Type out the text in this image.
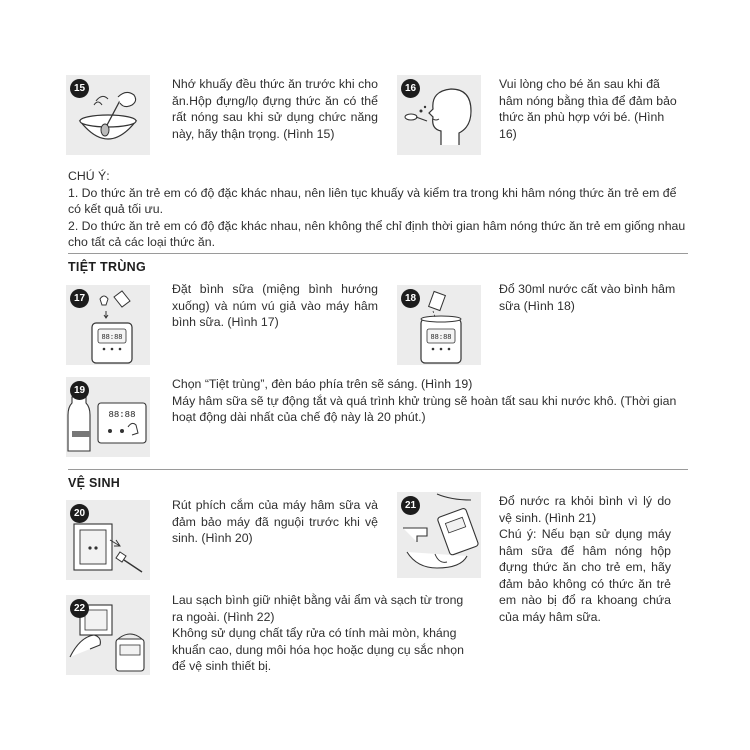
15	Nhớ khuấy đều thức ăn trước khi cho ăn.Hộp đựng/lọ đựng thức ăn có thể rất nóng sau khi sử dụng chức năng này, hãy thận trọng. (Hình 15)
16	Vui lòng cho bé ăn sau khi đã hâm nóng bằng thìa để đảm bảo thức ăn phù hợp với bé. (Hình 16)

CHÚ Ý:

1. Do thức ăn trẻ em có độ đặc khác nhau, nên liên tục khuấy và kiểm tra trong khi hâm nóng thức ăn trẻ em để có kết quả tối ưu.

2. Do thức ăn trẻ em có độ đặc khác nhau, nên không thể chỉ định thời gian hâm nóng thức ăn trẻ em giống nhau cho tất cả các loại thức ăn.

TIỆT TRÙNG
88:88
17
Đặt bình sữa (miệng bình hướng xuống) và núm vú giả vào máy hâm bình sữa. (Hình 17)
88:88
18
Đổ 30ml nước cất vào bình hâm sữa (Hình 18)
88:88
19	Chọn “Tiệt trùng”, đèn báo phía trên sẽ sáng. (Hình 19)

Máy hâm sữa sẽ tự động tắt và quá trình khử trùng sẽ hoàn tất sau khi nước khô. (Thời gian hoạt động dài nhất của chế độ này là 20 phút.)

VỆ SINH
20
Rút phích cắm của máy hâm sữa và đảm bảo máy đã nguội trước khi vệ sinh. (Hình 20)
21	Đổ nước ra khỏi bình vì lý do vệ sinh. (Hình 21)

Chú ý: Nếu bạn sử dụng máy hâm sữa để hâm nóng hộp đựng thức ăn cho trẻ em, hãy đảm bảo không có thức ăn trẻ em nào bị đổ ra khoang chứa của máy hâm sữa.

22

Lau sạch bình giữ nhiệt bằng vải ẩm và sạch từ trong ra ngoài. (Hình 22)

Không sử dụng chất tẩy rửa có tính mài mòn, kháng khuẩn cao, dung môi hóa học hoặc dụng cụ sắc nhọn để vệ sinh thiết bị.
